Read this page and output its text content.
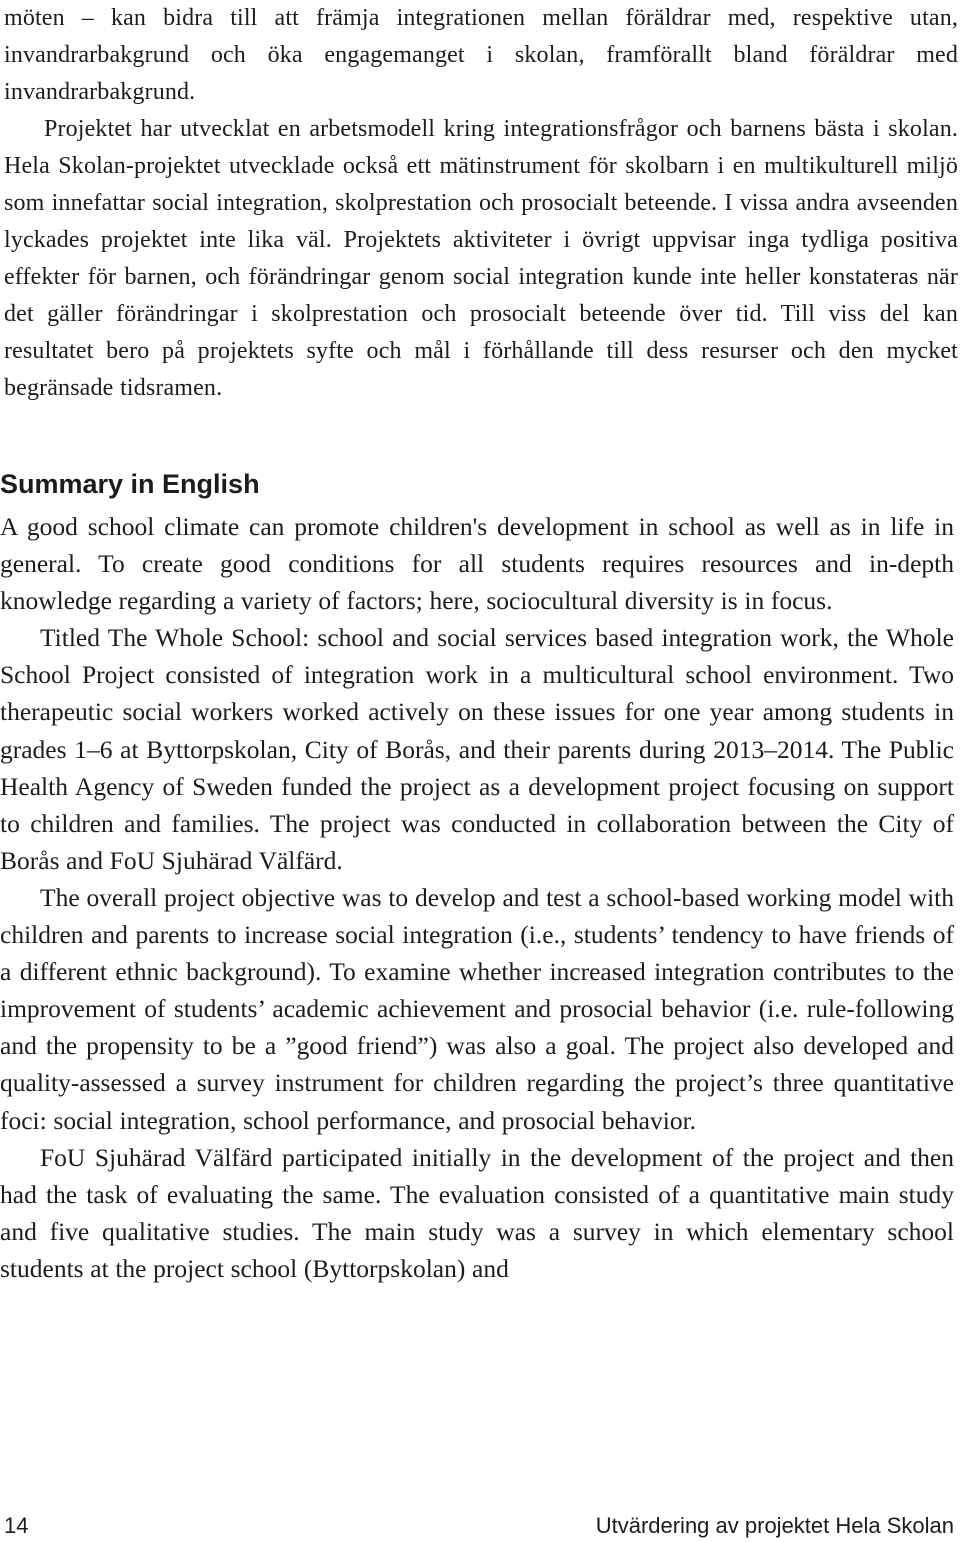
möten – kan bidra till att främja integrationen mellan föräldrar med, respektive utan, invandrarbakgrund och öka engagemanget i skolan, framförallt bland föräldrar med invandrarbakgrund.

Projektet har utvecklat en arbetsmodell kring integrationsfrågor och barnens bästa i skolan. Hela Skolan-projektet utvecklade också ett mätinstrument för skolbarn i en multikulturell miljö som innefattar social integration, skolprestation och prosocialt beteende. I vissa andra avseenden lyckades projektet inte lika väl. Projektets aktiviteter i övrigt uppvisar inga tydliga positiva effekter för barnen, och förändringar genom social integration kunde inte heller konstateras när det gäller förändringar i skolprestation och prosocialt beteende över tid. Till viss del kan resultatet bero på projektets syfte och mål i förhållande till dess resurser och den mycket begränsade tidsramen.

Summary in English

A good school climate can promote children's development in school as well as in life in general. To create good conditions for all students requires resources and in-depth knowledge regarding a variety of factors; here, sociocultural diversity is in focus.

Titled The Whole School: school and social services based integration work, the Whole School Project consisted of integration work in a multicultural school environment. Two therapeutic social workers worked actively on these issues for one year among students in grades 1–6 at Byttorpskolan, City of Borås, and their parents during 2013–2014. The Public Health Agency of Sweden funded the project as a development project focusing on support to children and families. The project was conducted in collaboration between the City of Borås and FoU Sjuhärad Välfärd.

The overall project objective was to develop and test a school-based working model with children and parents to increase social integration (i.e., students’ tendency to have friends of a different ethnic background). To examine whether increased integration contributes to the improvement of students’ academic achievement and prosocial behavior (i.e. rule-following and the propensity to be a ”good friend”) was also a goal. The project also developed and quality-assessed a survey instrument for children regarding the project’s three quantitative foci: social integration, school performance, and prosocial behavior.

FoU Sjuhärad Välfärd participated initially in the development of the project and then had the task of evaluating the same. The evaluation consisted of a quantitative main study and five qualitative studies. The main study was a survey in which elementary school students at the project school (Byttorpskolan) and

14	Utvärdering av projektet Hela Skolan
